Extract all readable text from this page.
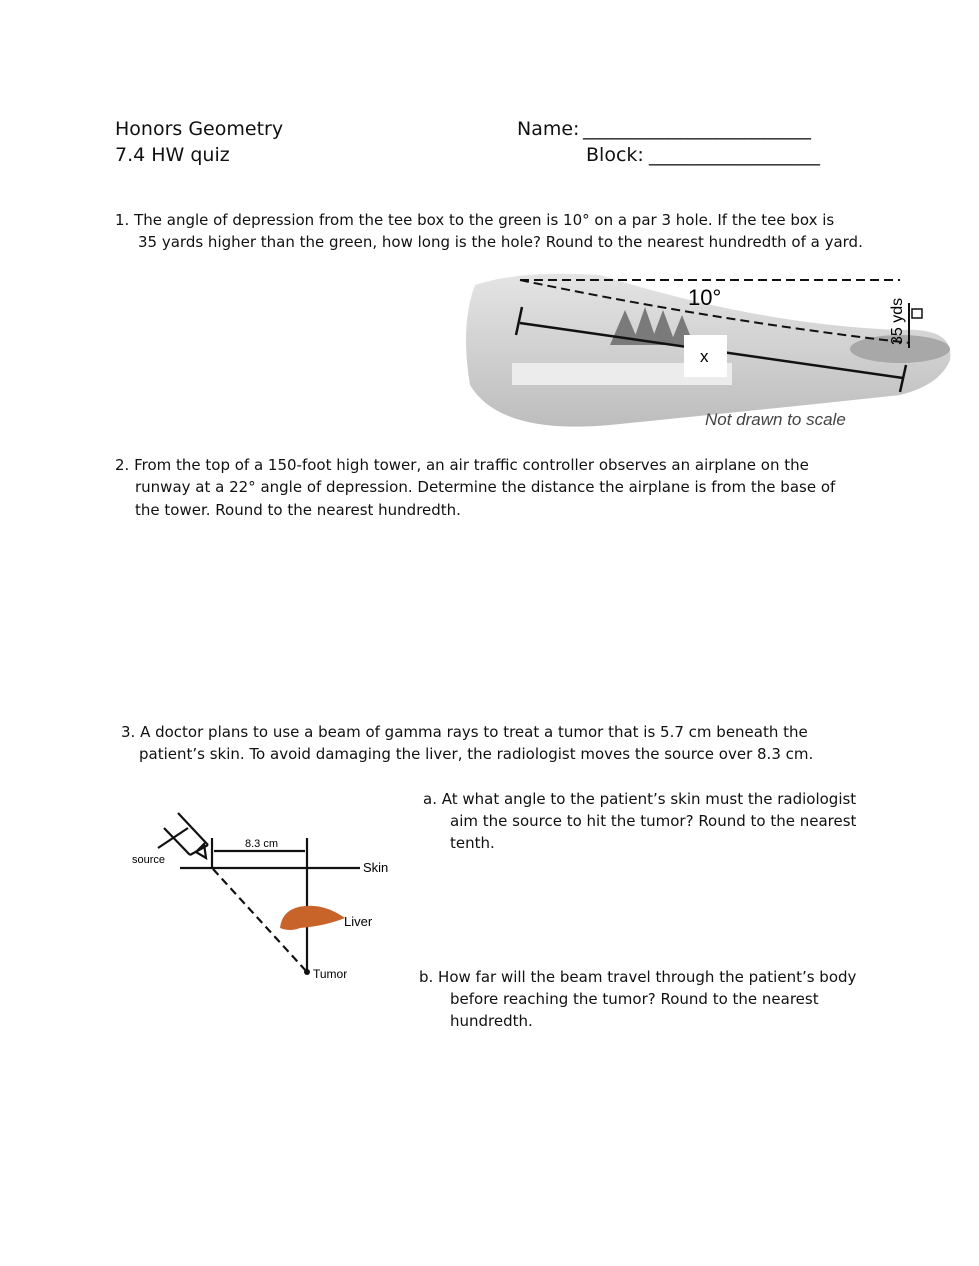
Honors Geometry
7.4 HW quiz
Name: ________________________
Block: __________________
1. The angle of depression from the tee box to the green is 10° on a par 3 hole. If the tee box is
35 yards higher than the green, how long is the hole? Round to the nearest hundredth of a yard.
x
10°
35 yds
Not drawn to scale
2. From the top of a 150-foot high tower, an air traffic controller observes an airplane on the
runway at a 22° angle of depression. Determine the distance the airplane is from the base of
the tower. Round to the nearest hundredth.
3. A doctor plans to use a beam of gamma rays to treat a tumor that is 5.7 cm beneath the
patient’s skin. To avoid damaging the liver, the radiologist moves the source over 8.3 cm.
8.3 cm
source	Skin
Liver
Tumor
a. At what angle to the patient’s skin must the radiologist
aim the source to hit the tumor? Round to the nearest
tenth.
b. How far will the beam travel through the patient’s body
before reaching the tumor? Round to the nearest
hundredth.
